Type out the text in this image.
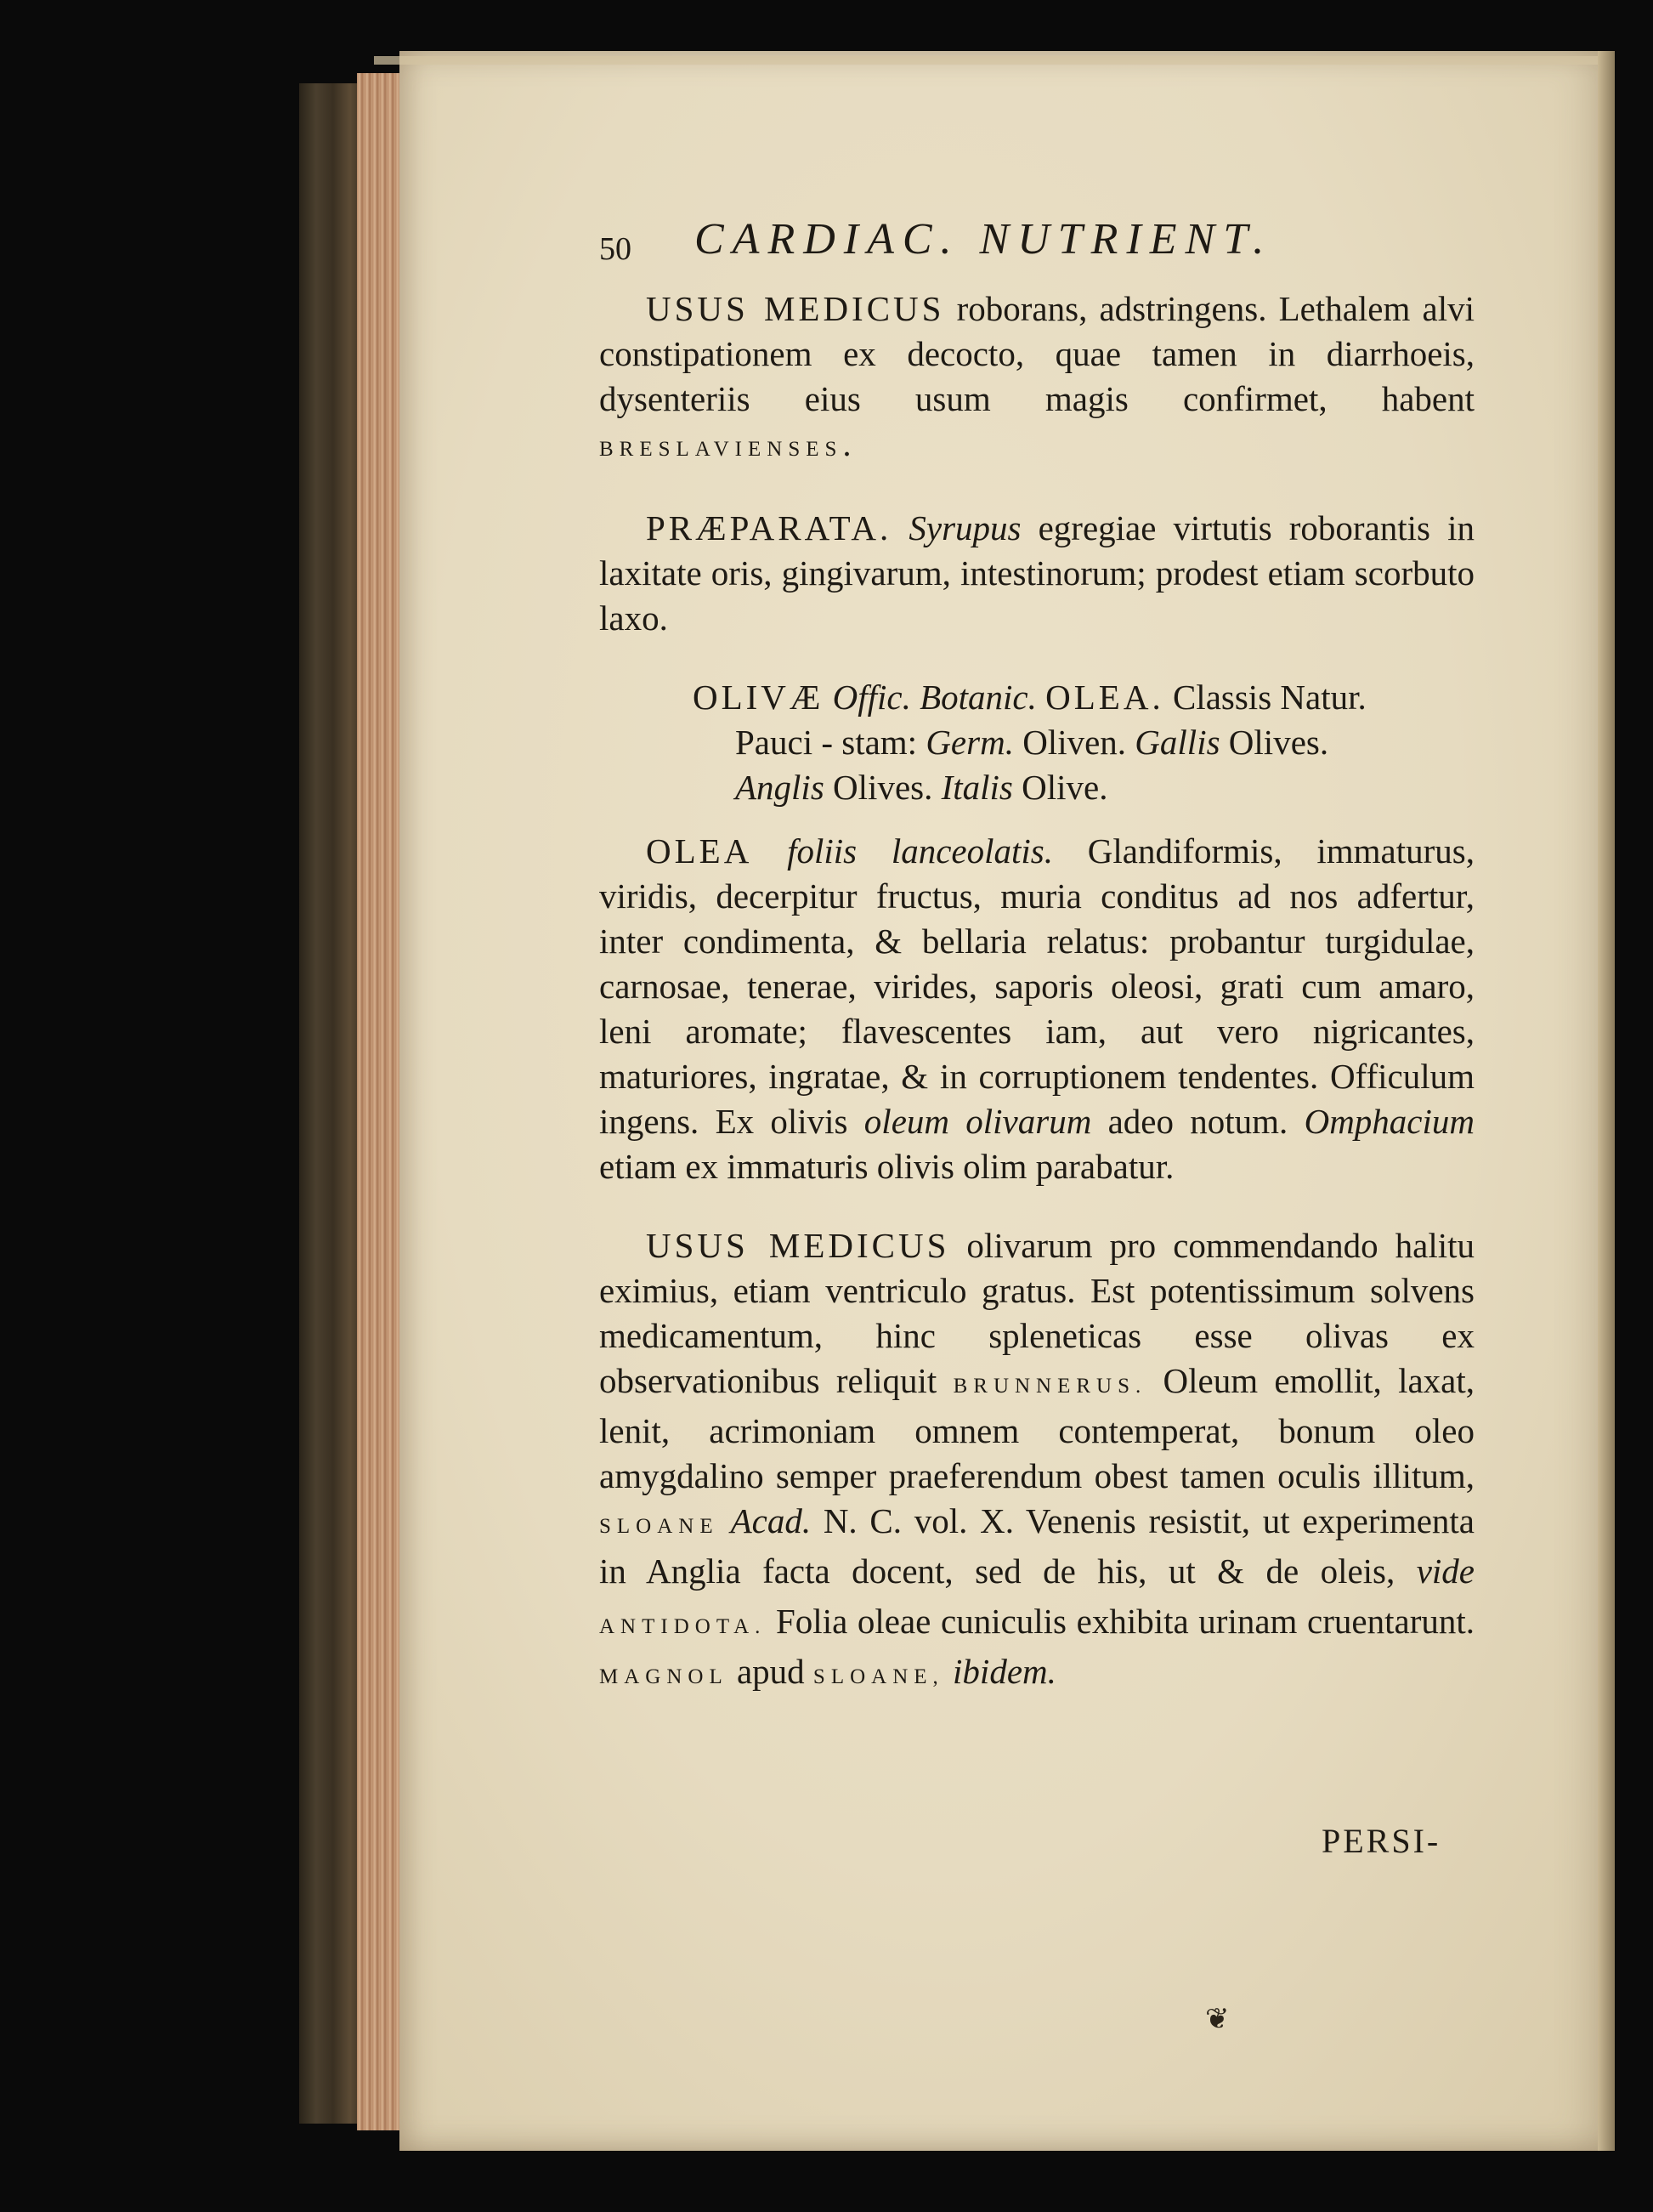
50 CARDIAC. NUTRIENT.

USUS MEDICUS roborans, adstringens. Lethalem alvi constipationem ex decocto, quae tamen in diarrhoeis, dysenteriis eius usum magis confirmet, habent BRESLAVIENSES.

PRÆPARATA. Syrupus egregiae virtutis roborantis in laxitate oris, gingivarum, intestinorum; prodest etiam scorbuto laxo.

OLIVÆ Offic. Botanic. OLEA. Classis Natur.
Pauci - stam: Germ. Oliven. Gallis Olives.
Anglis Olives. Italis Olive.

OLEA foliis lanceolatis. Glandiformis, immaturus, viridis, decerpitur fructus, muria conditus ad nos adfertur, inter condimenta, & bellaria relatus: probantur turgidulae, carnosae, tenerae, virides, saporis oleosi, grati cum amaro, leni aromate; flavescentes iam, aut vero nigricantes, maturiores, ingratae, & in corruptionem tendentes. Officulum ingens. Ex olivis oleum olivarum adeo notum. Omphacium etiam ex immaturis olivis olim parabatur.

USUS MEDICUS olivarum pro commendando halitu eximius, etiam ventriculo gratus. Est potentissimum solvens medicamentum, hinc spleneticas esse olivas ex observationibus reliquit BRUNNERUS. Oleum emollit, laxat, lenit, acrimoniam omnem contemperat, bonum oleo amygdalino semper praeferendum obest tamen oculis illitum, SLOANE Acad. N. C. vol. X. Venenis resistit, ut experimenta in Anglia facta docent, sed de his, ut & de oleis, vide ANTIDOTA. Folia oleae cuniculis exhibita urinam cruentarunt. MAGNOL apud SLOANE, ibidem.

PERSI-
❦
